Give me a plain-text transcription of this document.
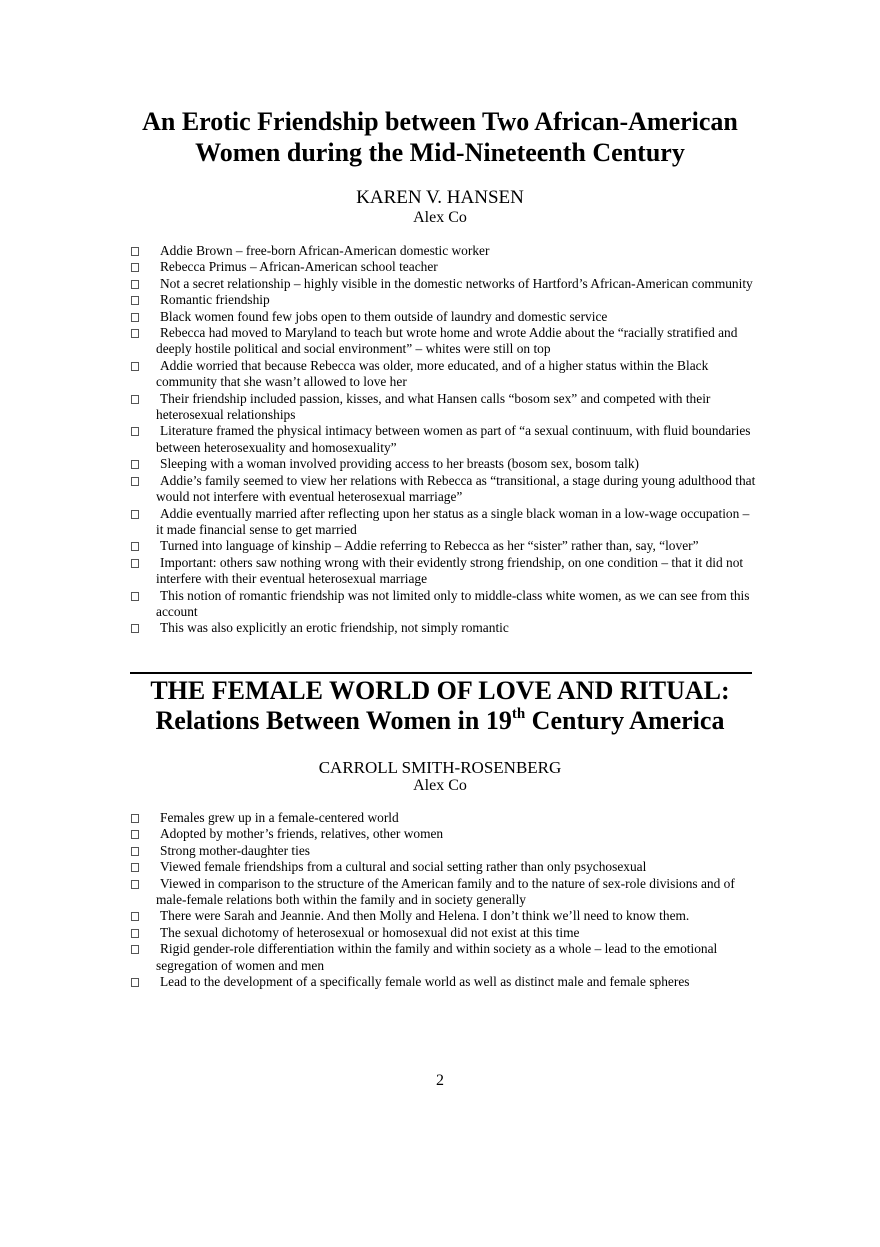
An Erotic Friendship between Two African-American
Women during the Mid-Nineteenth Century

KAREN V. HANSEN

Alex Co

Addie Brown – free-born African-American domestic worker
Rebecca Primus – African-American school teacher
Not a secret relationship – highly visible in the domestic networks of Hartford’s African-American community
Romantic friendship
Black women found few jobs open to them outside of laundry and domestic service
Rebecca had moved to Maryland to teach but wrote home and wrote Addie about the “racially stratified and deeply hostile political and social environment” – whites were still on top
Addie worried that because Rebecca was older, more educated, and of a higher status within the Black community that she wasn’t allowed to love her
Their friendship included passion, kisses, and what Hansen calls “bosom sex” and competed with their heterosexual relationships
Literature framed the physical intimacy between women as part of “a sexual continuum, with fluid boundaries between heterosexuality and homosexuality”
Sleeping with a woman involved providing access to her breasts (bosom sex, bosom talk)
Addie’s family seemed to view her relations with Rebecca as “transitional, a stage during young adulthood that would not interfere with eventual heterosexual marriage”
Addie eventually married after reflecting upon her status as a single black woman in a low-wage occupation – it made financial sense to get married
Turned into language of kinship – Addie referring to Rebecca as her “sister” rather than, say, “lover”
Important: others saw nothing wrong with their evidently strong friendship, on one condition – that it did not interfere with their eventual heterosexual marriage
This notion of romantic friendship was not limited only to middle-class white women, as we can see from this account
This was also explicitly an erotic friendship, not simply romantic
THE FEMALE WORLD OF LOVE AND RITUAL:
Relations Between Women in 19th Century America

CARROLL SMITH-ROSENBERG

Alex Co

Females grew up in a female-centered world
Adopted by mother’s friends, relatives, other women
Strong mother-daughter ties
Viewed female friendships from a cultural and social setting rather than only psychosexual
Viewed in comparison to the structure of the American family and to the nature of sex-role divisions and of male-female relations both within the family and in society generally
There were Sarah and Jeannie. And then Molly and Helena. I don’t think we’ll need to know them.
The sexual dichotomy of heterosexual or homosexual did not exist at this time
Rigid gender-role differentiation within the family and within society as a whole – lead to the emotional segregation of women and men
Lead to the development of a specifically female world as well as distinct male and female spheres
2
